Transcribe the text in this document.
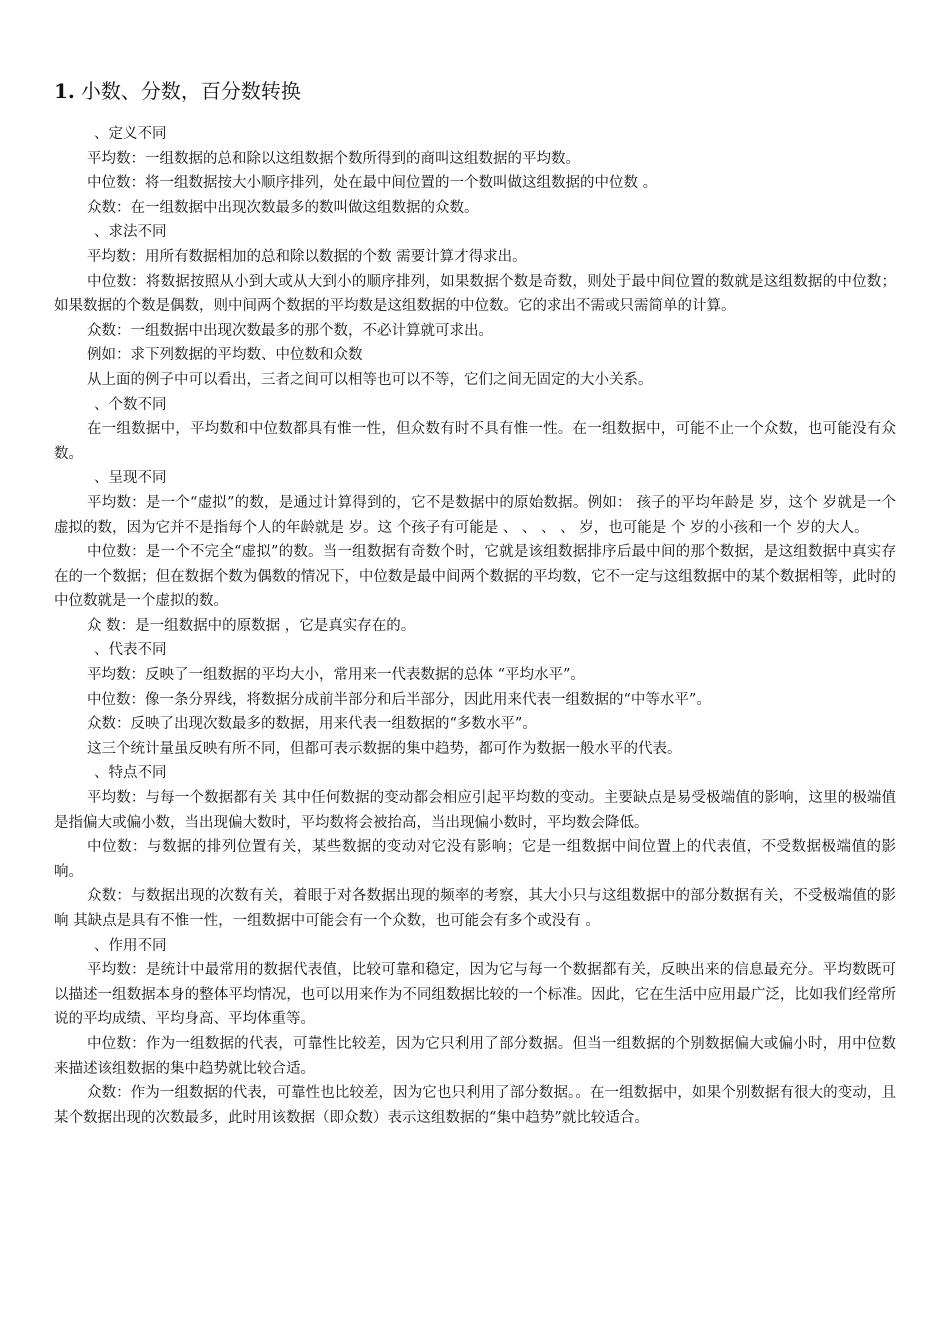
1. 小数、分数，百分数转换

、定义不同

平均数：一组数据的总和除以这组数据个数所得到的商叫这组数据的平均数。

中位数：将一组数据按大小顺序排列，处在最中间位置的一个数叫做这组数据的中位数 。

众数：在一组数据中出现次数最多的数叫做这组数据的众数。

、求法不同

平均数：用所有数据相加的总和除以数据的个数 需要计算才得求出。

中位数：将数据按照从小到大或从大到小的顺序排列，如果数据个数是奇数，则处于最中间位置的数就是这组数据的中位数；如果数据的个数是偶数，则中间两个数据的平均数是这组数据的中位数。它的求出不需或只需简单的计算。

众数：一组数据中出现次数最多的那个数，不必计算就可求出。

例如：求下列数据的平均数、中位数和众数

从上面的例子中可以看出，三者之间可以相等也可以不等，它们之间无固定的大小关系。

、个数不同

在一组数据中，平均数和中位数都具有惟一性，但众数有时不具有惟一性。在一组数据中，可能不止一个众数，也可能没有众数。

、呈现不同

平均数：是一个“虚拟”的数，是通过计算得到的，它不是数据中的原始数据。例如： 孩子的平均年龄是 岁，这个 岁就是一个虚拟的数，因为它并不是指每个人的年龄就是 岁。这 个孩子有可能是 、 、 、 、 岁，也可能是 个 岁的小孩和一个 岁的大人。

中位数：是一个不完全“虚拟”的数。当一组数据有奇数个时，它就是该组数据排序后最中间的那个数据，是这组数据中真实存在的一个数据；但在数据个数为偶数的情况下，中位数是最中间两个数据的平均数，它不一定与这组数据中的某个数据相等，此时的中位数就是一个虚拟的数。

众 数：是一组数据中的原数据 ，它是真实存在的。

、代表不同

平均数：反映了一组数据的平均大小，常用来一代表数据的总体 “平均水平”。

中位数：像一条分界线，将数据分成前半部分和后半部分，因此用来代表一组数据的“中等水平”。

众数：反映了出现次数最多的数据，用来代表一组数据的“多数水平”。

这三个统计量虽反映有所不同，但都可表示数据的集中趋势，都可作为数据一般水平的代表。

、特点不同

平均数：与每一个数据都有关 其中任何数据的变动都会相应引起平均数的变动。主要缺点是易受极端值的影响，这里的极端值是指偏大或偏小数，当出现偏大数时，平均数将会被抬高，当出现偏小数时，平均数会降低。

中位数：与数据的排列位置有关，某些数据的变动对它没有影响；它是一组数据中间位置上的代表值，不受数据极端值的影响。

众数：与数据出现的次数有关，着眼于对各数据出现的频率的考察，其大小只与这组数据中的部分数据有关，不受极端值的影响 其缺点是具有不惟一性，一组数据中可能会有一个众数，也可能会有多个或没有 。

、作用不同

平均数：是统计中最常用的数据代表值，比较可靠和稳定，因为它与每一个数据都有关，反映出来的信息最充分。平均数既可以描述一组数据本身的整体平均情况，也可以用来作为不同组数据比较的一个标准。因此，它在生活中应用最广泛，比如我们经常所说的平均成绩、平均身高、平均体重等。

中位数：作为一组数据的代表，可靠性比较差，因为它只利用了部分数据。但当一组数据的个别数据偏大或偏小时，用中位数来描述该组数据的集中趋势就比较合适。

众数：作为一组数据的代表，可靠性也比较差，因为它也只利用了部分数据。。在一组数据中，如果个别数据有很大的变动，且某个数据出现的次数最多，此时用该数据（即众数）表示这组数据的“集中趋势”就比较适合。
